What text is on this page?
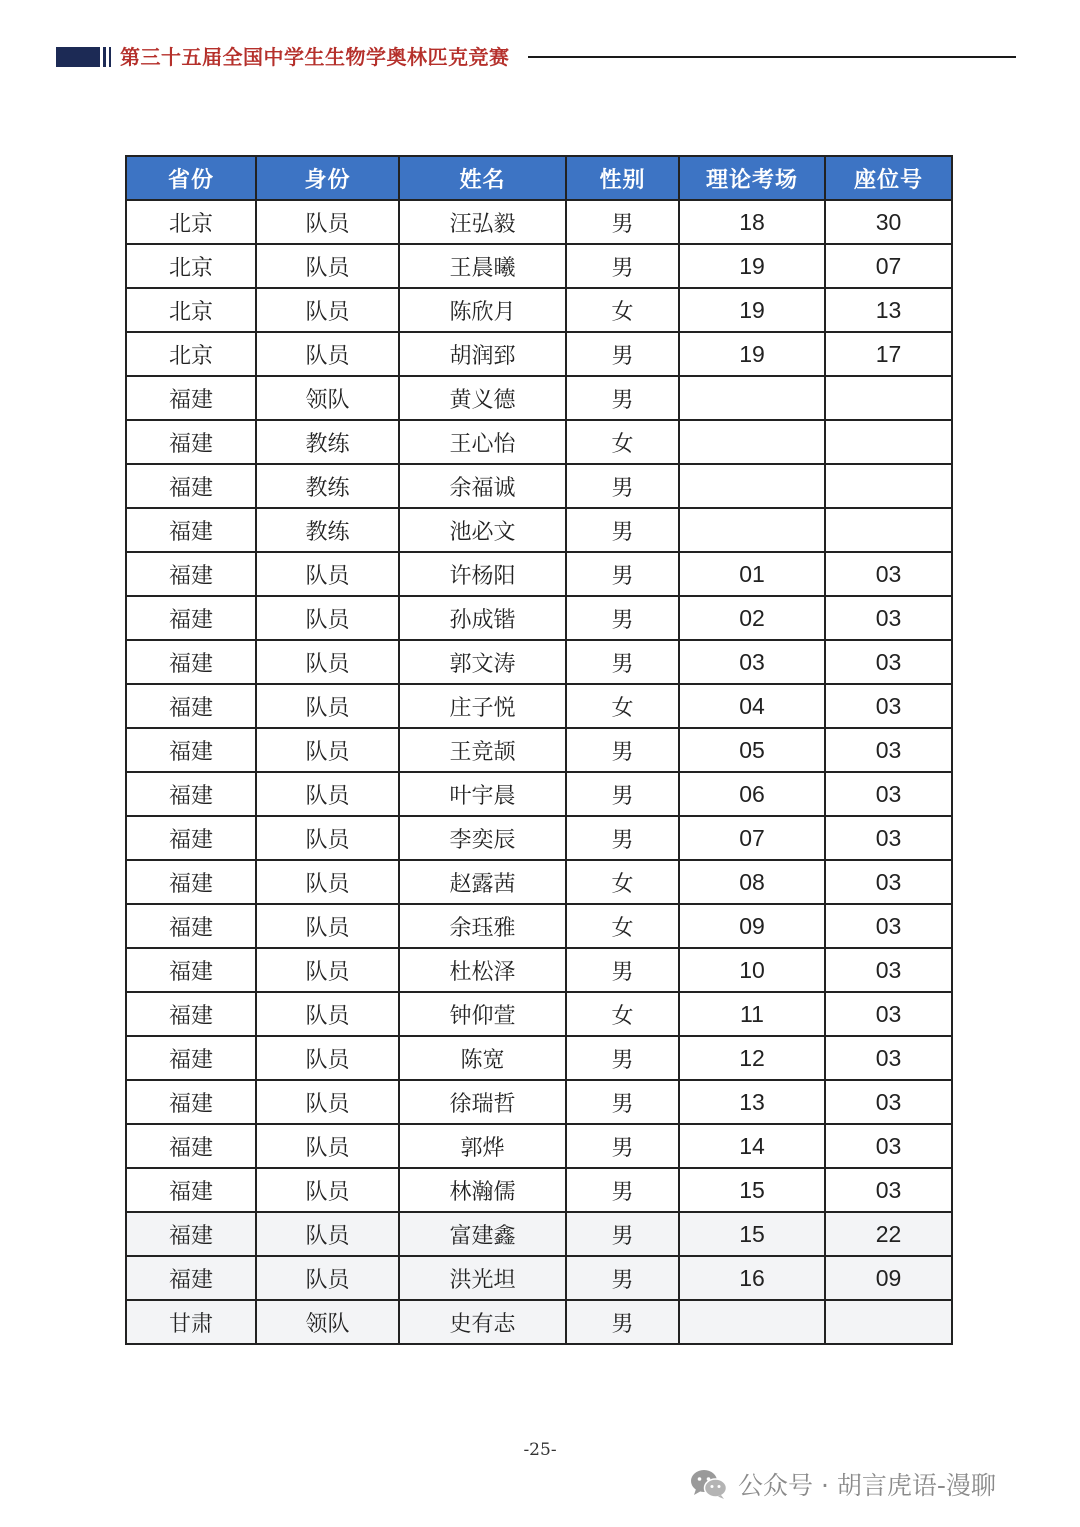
第三十五届全国中学生生物学奥林匹克竞赛
省份	身份	姓名	性别	理论考场	座位号
北京	队员	汪弘毅	男	18	30
北京	队员	王晨曦	男	19	07
北京	队员	陈欣月	女	19	13
北京	队员	胡润郅	男	19	17
福建	领队	黄义德	男		
福建	教练	王心怡	女		
福建	教练	余福诚	男		
福建	教练	池必文	男		
福建	队员	许杨阳	男	01	03
福建	队员	孙成锴	男	02	03
福建	队员	郭文涛	男	03	03
福建	队员	庄子悦	女	04	03
福建	队员	王竞颉	男	05	03
福建	队员	叶宇晨	男	06	03
福建	队员	李奕辰	男	07	03
福建	队员	赵露茜	女	08	03
福建	队员	余珏雅	女	09	03
福建	队员	杜松泽	男	10	03
福建	队员	钟仰萱	女	11	03
福建	队员	陈宽	男	12	03
福建	队员	徐瑞哲	男	13	03
福建	队员	郭烨	男	14	03
福建	队员	林瀚儒	男	15	03
福建	队员	富建鑫	男	15	22
福建	队员	洪光坦	男	16	09
甘肃	领队	史有志	男		
-25-
公众号 · 胡言虎语-漫聊
